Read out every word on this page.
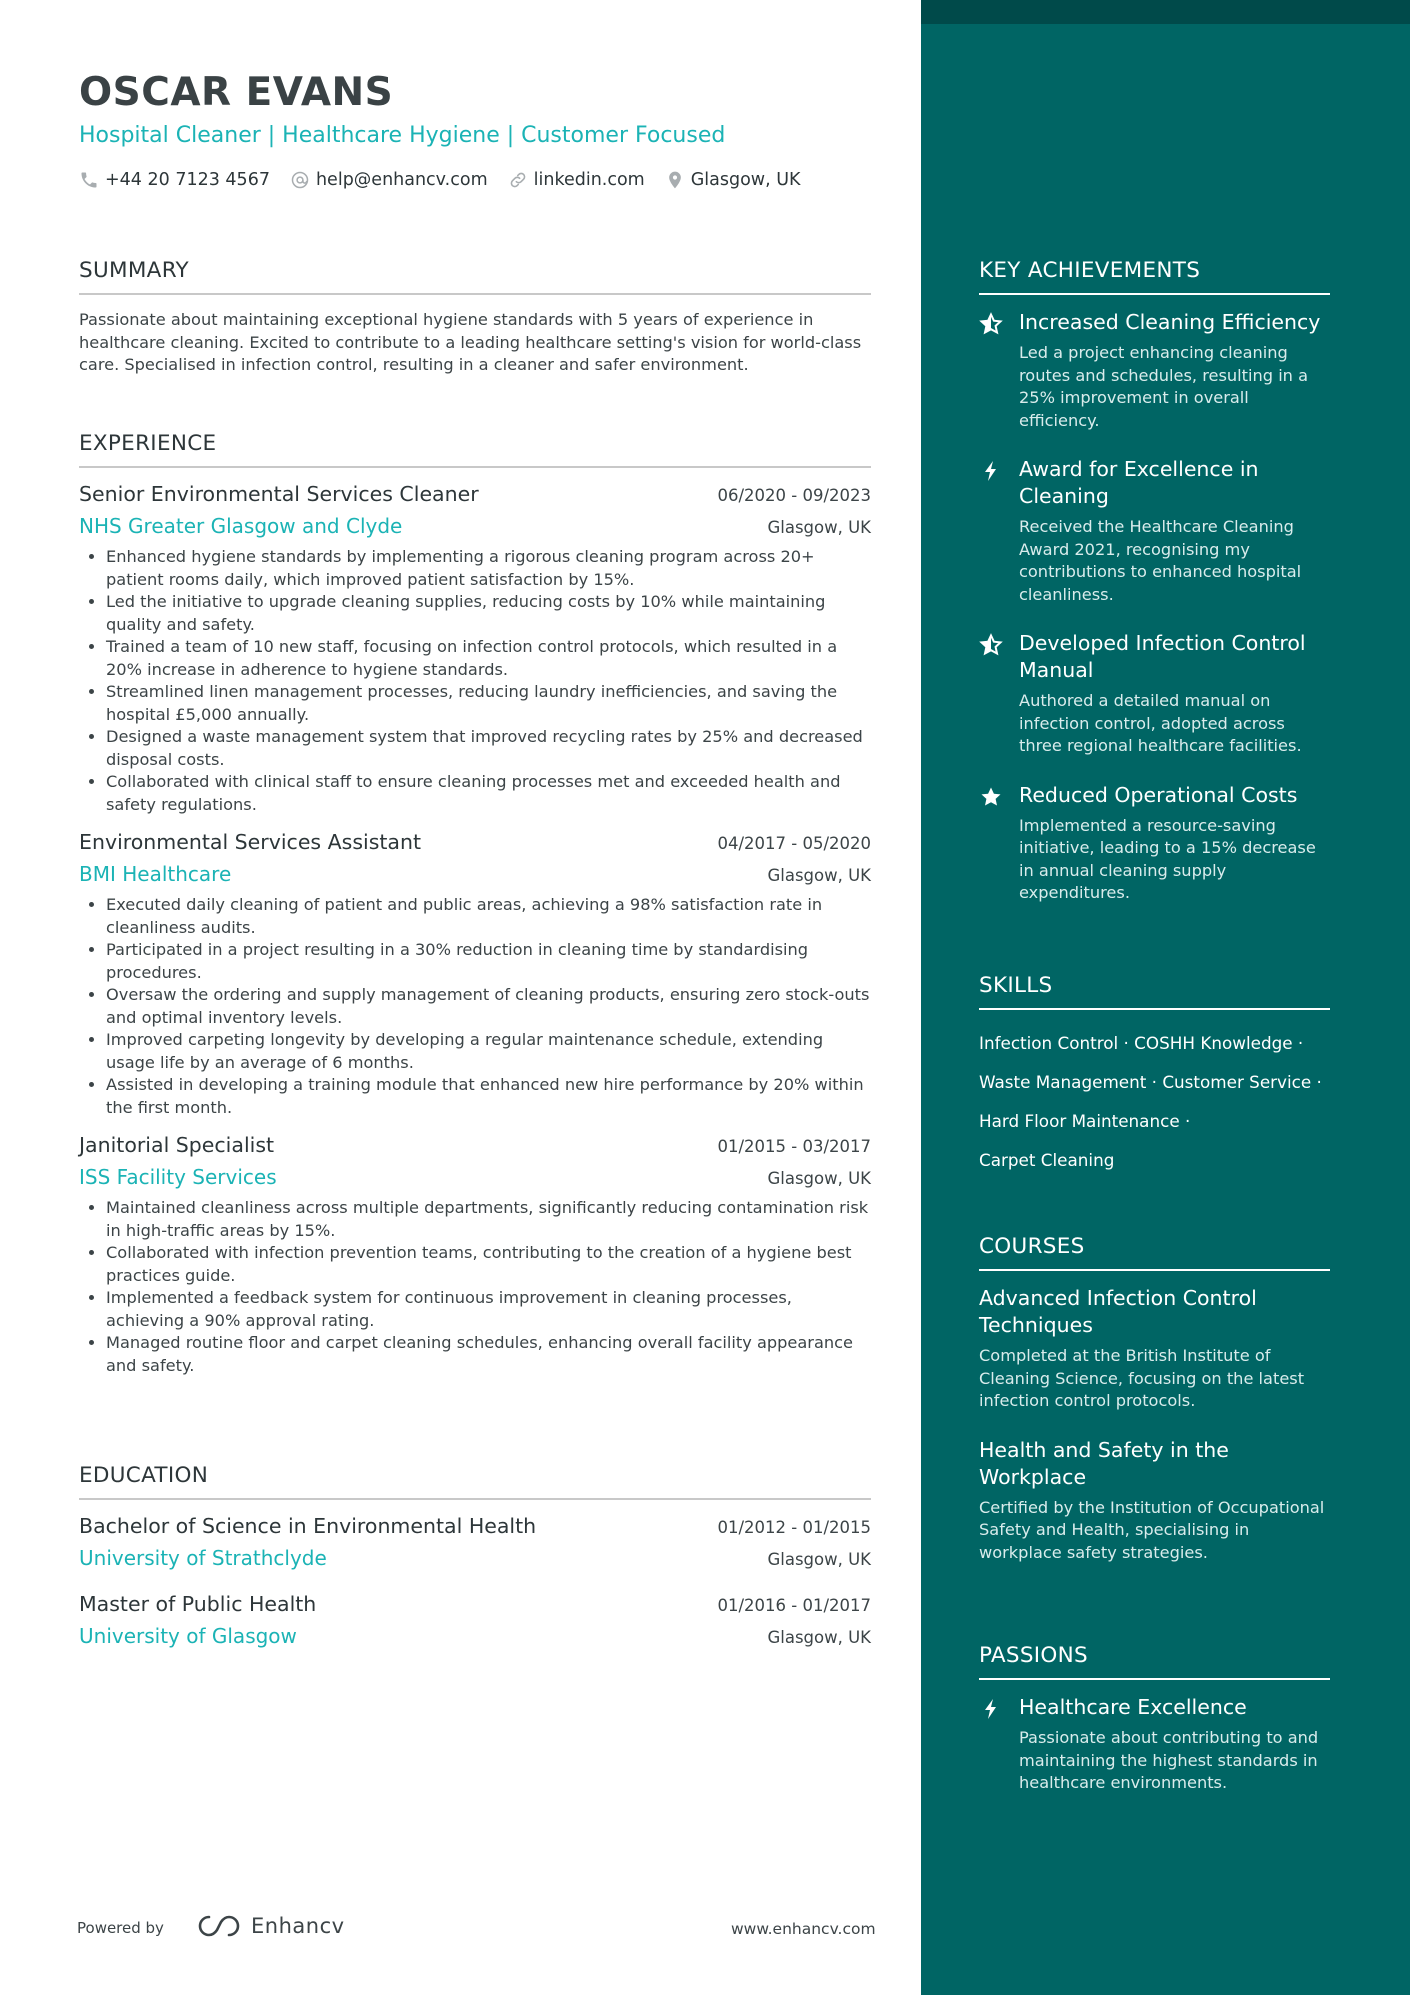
OSCAR EVANS
Hospital Cleaner | Healthcare Hygiene | Customer Focused
+44 20 7123 4567	help@enhancv.com	linkedin.com	Glasgow, UK
SUMMARY
Passionate about maintaining exceptional hygiene standards with 5 years of experience in healthcare cleaning. Excited to contribute to a leading healthcare setting's vision for world-class care. Specialised in infection control, resulting in a cleaner and safer environment.
EXPERIENCE
Senior Environmental Services Cleaner	06/2020 - 09/2023
NHS Greater Glasgow and Clyde	Glasgow, UK
• Enhanced hygiene standards by implementing a rigorous cleaning program across 20+ patient rooms daily, which improved patient satisfaction by 15%.
• Led the initiative to upgrade cleaning supplies, reducing costs by 10% while maintaining quality and safety.
• Trained a team of 10 new staff, focusing on infection control protocols, which resulted in a 20% increase in adherence to hygiene standards.
• Streamlined linen management processes, reducing laundry inefficiencies, and saving the hospital £5,000 annually.
• Designed a waste management system that improved recycling rates by 25% and decreased disposal costs.
• Collaborated with clinical staff to ensure cleaning processes met and exceeded health and safety regulations.
Environmental Services Assistant	04/2017 - 05/2020
BMI Healthcare	Glasgow, UK
• Executed daily cleaning of patient and public areas, achieving a 98% satisfaction rate in cleanliness audits.
• Participated in a project resulting in a 30% reduction in cleaning time by standardising procedures.
• Oversaw the ordering and supply management of cleaning products, ensuring zero stock-outs and optimal inventory levels.
• Improved carpeting longevity by developing a regular maintenance schedule, extending usage life by an average of 6 months.
• Assisted in developing a training module that enhanced new hire performance by 20% within the first month.
Janitorial Specialist	01/2015 - 03/2017
ISS Facility Services	Glasgow, UK
• Maintained cleanliness across multiple departments, significantly reducing contamination risk in high-traffic areas by 15%.
• Collaborated with infection prevention teams, contributing to the creation of a hygiene best practices guide.
• Implemented a feedback system for continuous improvement in cleaning processes, achieving a 90% approval rating.
• Managed routine floor and carpet cleaning schedules, enhancing overall facility appearance and safety.
EDUCATION
Bachelor of Science in Environmental Health	01/2012 - 01/2015
University of Strathclyde	Glasgow, UK
Master of Public Health	01/2016 - 01/2017
University of Glasgow	Glasgow, UK
Powered by	Enhancv	www.enhancv.com
KEY ACHIEVEMENTS
Increased Cleaning Efficiency
Led a project enhancing cleaning routes and schedules, resulting in a 25% improvement in overall efficiency.
Award for Excellence in Cleaning
Received the Healthcare Cleaning Award 2021, recognising my contributions to enhanced hospital cleanliness.
Developed Infection Control Manual
Authored a detailed manual on infection control, adopted across three regional healthcare facilities.
Reduced Operational Costs
Implemented a resource-saving initiative, leading to a 15% decrease in annual cleaning supply expenditures.
SKILLS
Infection Control · COSHH Knowledge ·
Waste Management · Customer Service ·
Hard Floor Maintenance ·
Carpet Cleaning
COURSES
Advanced Infection Control Techniques
Completed at the British Institute of Cleaning Science, focusing on the latest infection control protocols.
Health and Safety in the Workplace
Certified by the Institution of Occupational Safety and Health, specialising in workplace safety strategies.
PASSIONS
Healthcare Excellence
Passionate about contributing to and maintaining the highest standards in healthcare environments.
